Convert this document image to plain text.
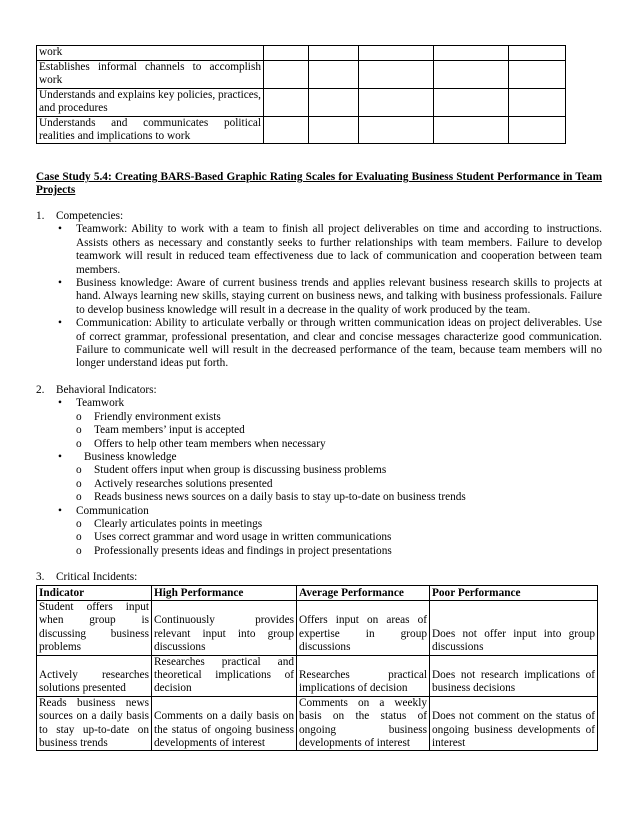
work					
Establishes informal channels to accomplish work					
Understands and explains key policies, practices, and procedures					
Understands and communicates political realities and implications to work					
Case Study 5.4: Creating BARS-Based Graphic Rating Scales for Evaluating Business Student Performance in Team Projects
1.	Competencies:
• Teamwork: Ability to work with a team to finish all project deliverables on time and according to instructions. Assists others as necessary and constantly seeks to further relationships with team members. Failure to develop teamwork will result in reduced team effectiveness due to lack of communication and cooperation between team members.
• Business knowledge: Aware of current business trends and applies relevant business research skills to projects at hand. Always learning new skills, staying current on business news, and talking with business professionals. Failure to develop business knowledge will result in a decrease in the quality of work produced by the team.
• Communication: Ability to articulate verbally or through written communication ideas on project deliverables. Use of correct grammar, professional presentation, and clear and concise messages characterize good communication. Failure to communicate well will result in the decreased performance of the team, because team members will no longer understand ideas put forth.
2.	Behavioral Indicators:
• Teamwork
o Friendly environment exists
o Team members’ input is accepted
o Offers to help other team members when necessary
• Business knowledge
o Student offers input when group is discussing business problems
o Actively researches solutions presented
o Reads business news sources on a daily basis to stay up-to-date on business trends
• Communication
o Clearly articulates points in meetings
o Uses correct grammar and word usage in written communications
o Professionally presents ideas and findings in project presentations
3.	Critical Incidents:
Indicator	High Performance	Average Performance	Poor Performance
Student offers input when group is discussing business problems	Continuously provides relevant input into group discussions	Offers input on areas of expertise in group discussions	Does not offer input into group discussions
Actively researches solutions presented	Researches practical and theoretical implications of decision	Researches practical implications of decision	Does not research implications of business decisions
Reads business news sources on a daily basis to stay up-to-date on business trends	Comments on a daily basis on the status of ongoing business developments of interest	Comments on a weekly basis on the status of ongoing business developments of interest	Does not comment on the status of ongoing business developments of interest
